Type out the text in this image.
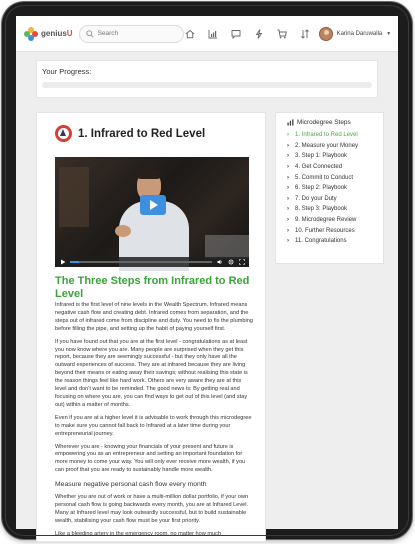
geniusU
Search	Karina Daruwalla ▼
Your Progress:
1. Infrared to Red Level
The Three Steps from Infrared to Red Level

Infrared is the first level of nine levels in the Wealth Spectrum. Infrared means negative cash flow and creating debt. Infrared comes from separation, and the steps out of infrared come from discipline and duty. You need to fix the plumbing before filling the pipe, and setting up the habit of paying yourself first.

If you have found out that you are at the first level - congratulations as at least you now know where you are. Many people are surprised when they get this report, because they are seemingly successful - but they only have all the outward experiences of success. They are at infrared because they are living beyond their means or eating away their savings; without realising this state is the reason things feel like hard work. Others are very aware they are at this level and don't want to be reminded. The good news is: By getting real and focusing on where you are, you can find ways to get out of this level (and stay out) within a matter of months.

Even if you are at a higher level it is advisable to work through this microdegree to make sure you cannot fall back to Infrared at a later time during your entrepreneurial journey.

Wherever you are - knowing your financials of your present and future is empowering you as an entrepreneur and setting an important foundation for more money to come your way. You will only ever receive more wealth, if you can proof that you are ready to sustainably handle more wealth.

Measure negative personal cash flow every month

Whether you are out of work or have a multi-million dollar portfolio, if your own personal cash flow is going backwards every month, you are at Infrared Level. Many at Infrared level may look outwardly successful, but to build sustainable wealth, stabilising your cash flow must be your first priority.

Like a bleeding artery in the emergency room, no matter how much

Microdegree Steps
›	1. Infrared to Red Level
›	2. Measure your Money
›	3. Step 1: Playbook
›	4. Get Connected
›	5. Commit to Conduct
›	6. Step 2: Playbook
›	7. Do your Duty
›	8. Step 3: Playbook
›	9. Microdegree Review
›	10. Further Resources
›	11. Congratulations
